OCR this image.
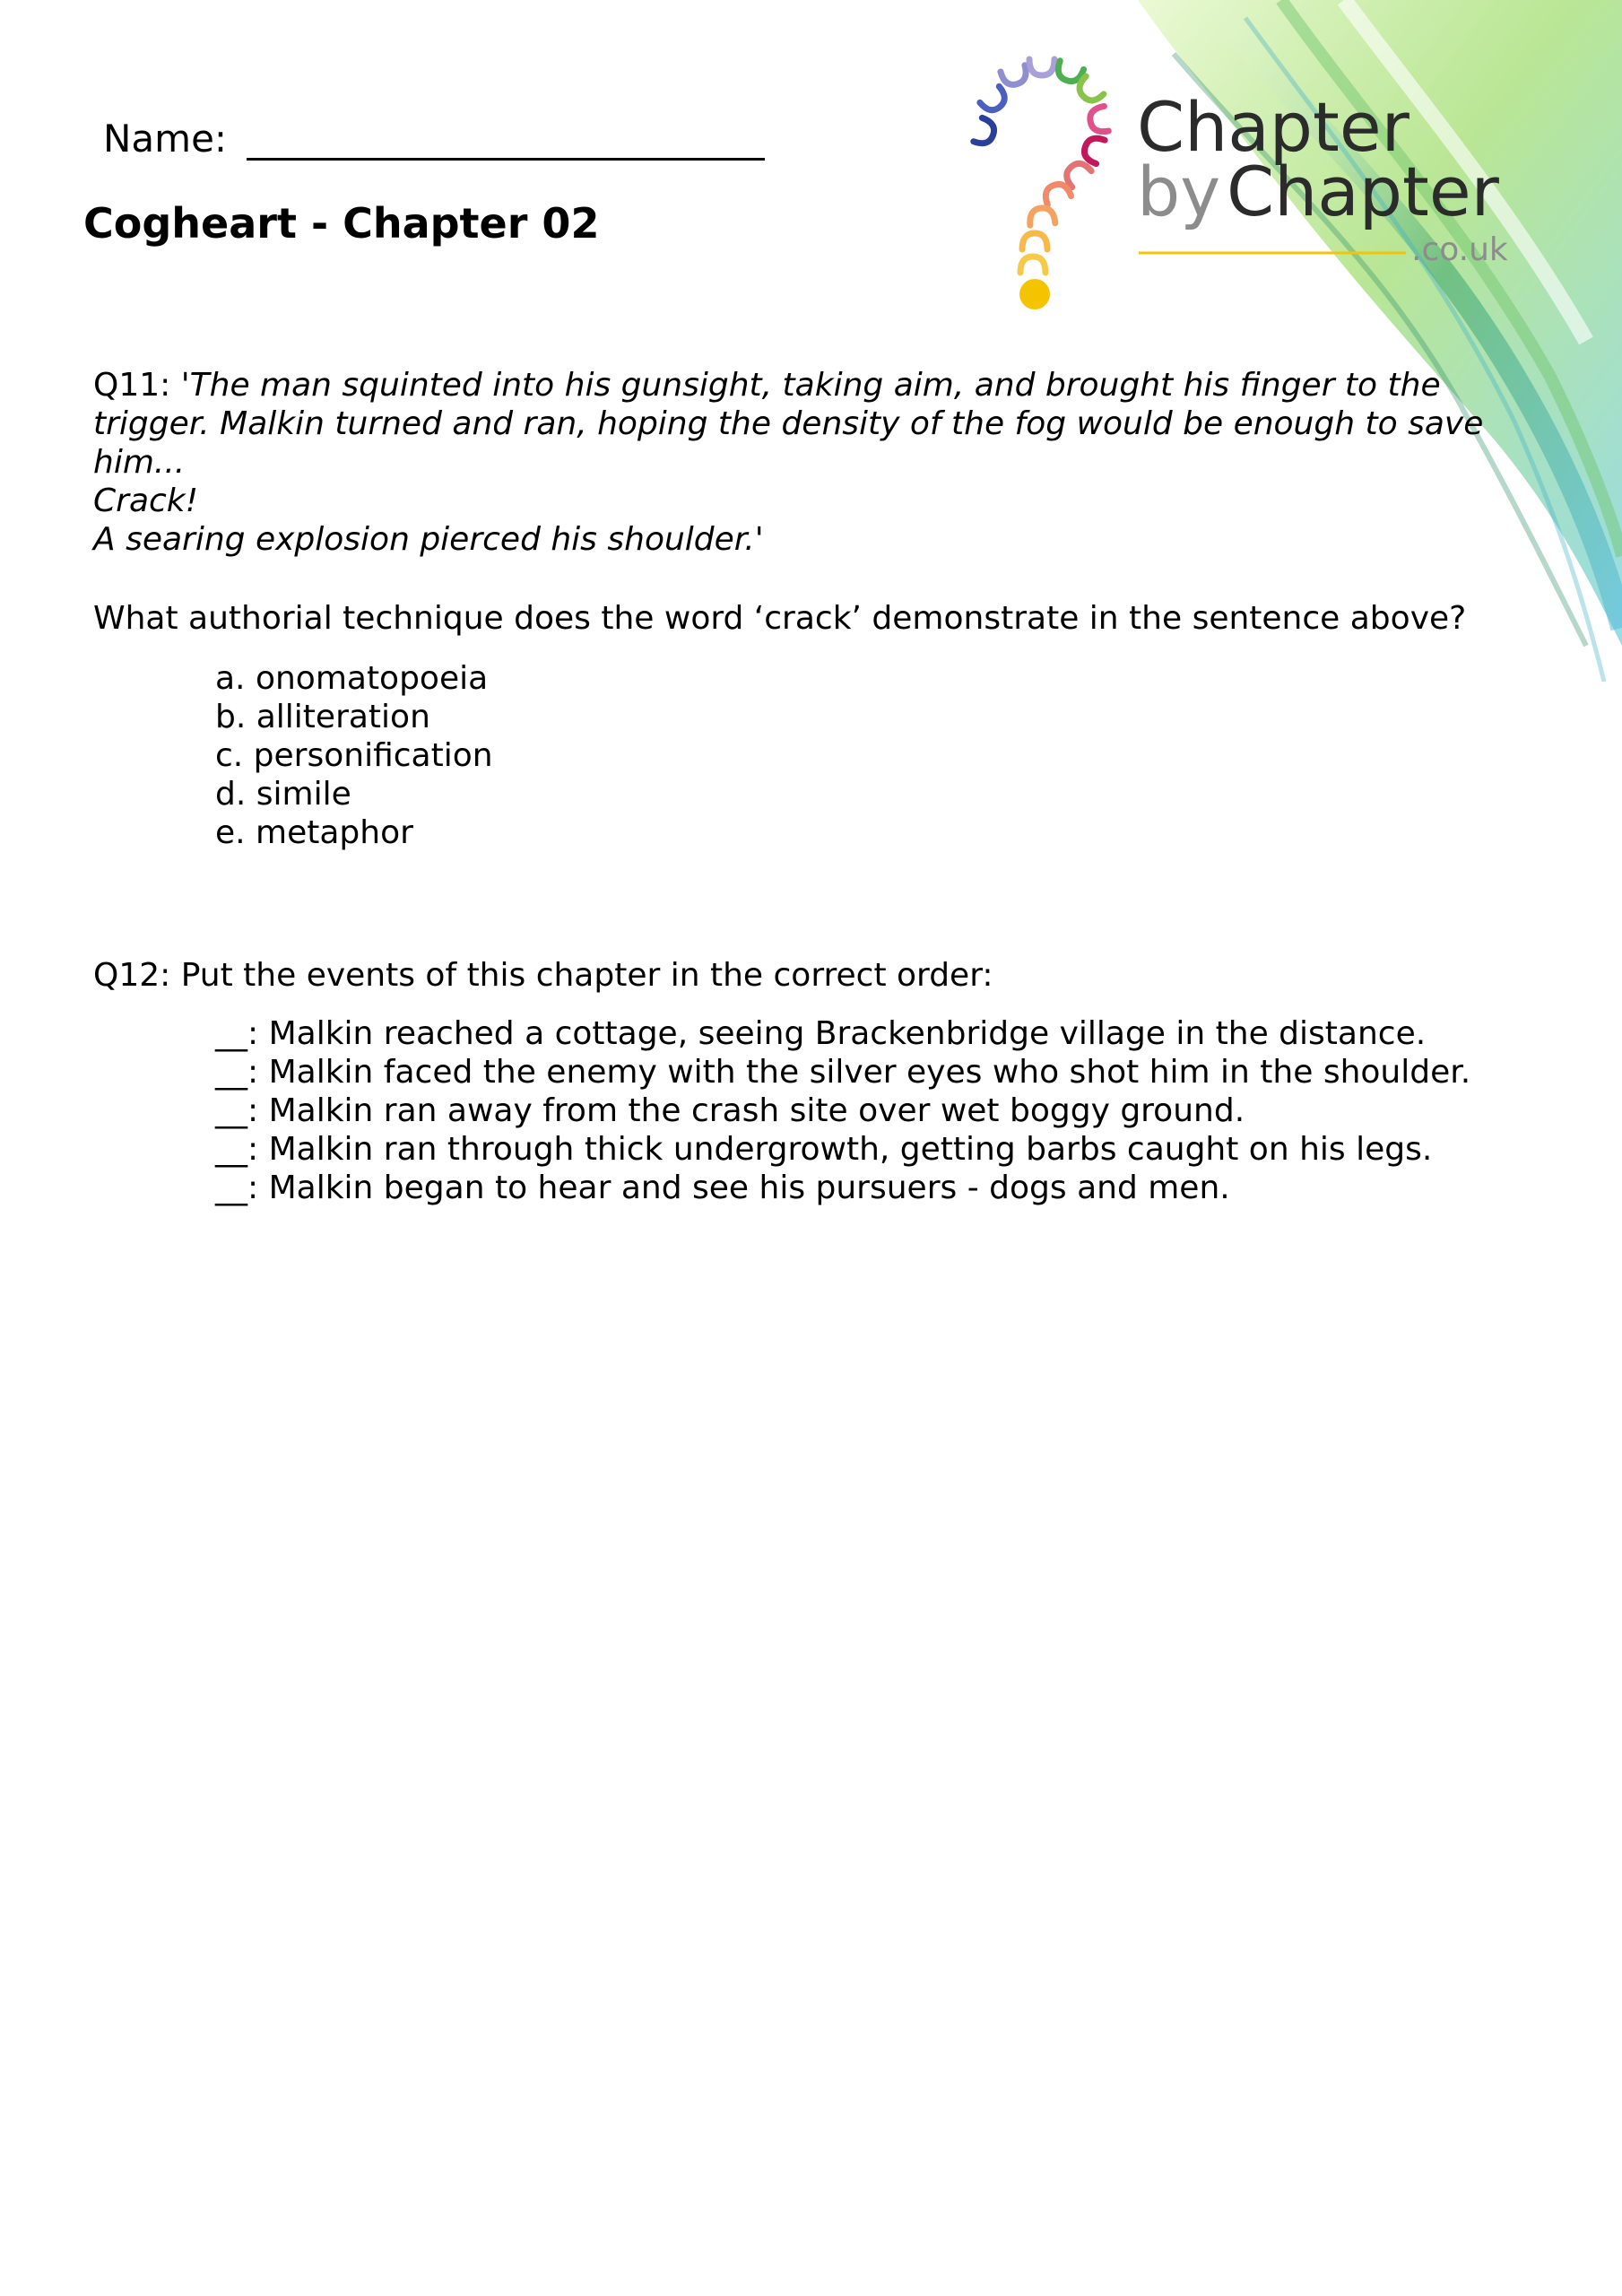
Chapter
by Chapter
.co.uk
Name:
Cogheart - Chapter 02
Q11: 'The man squinted into his gunsight, taking aim, and brought his finger to the
trigger. Malkin turned and ran, hoping the density of the fog would be enough to save
him...
Crack!
A searing explosion pierced his shoulder.'
What authorial technique does the word ‘crack’ demonstrate in the sentence above?
a. onomatopoeia
b. alliteration
c. personification
d. simile
e. metaphor
Q12: Put the events of this chapter in the correct order:
__: Malkin reached a cottage, seeing Brackenbridge village in the distance.
__: Malkin faced the enemy with the silver eyes who shot him in the shoulder.
__: Malkin ran away from the crash site over wet boggy ground.
__: Malkin ran through thick undergrowth, getting barbs caught on his legs.
__: Malkin began to hear and see his pursuers - dogs and men.
